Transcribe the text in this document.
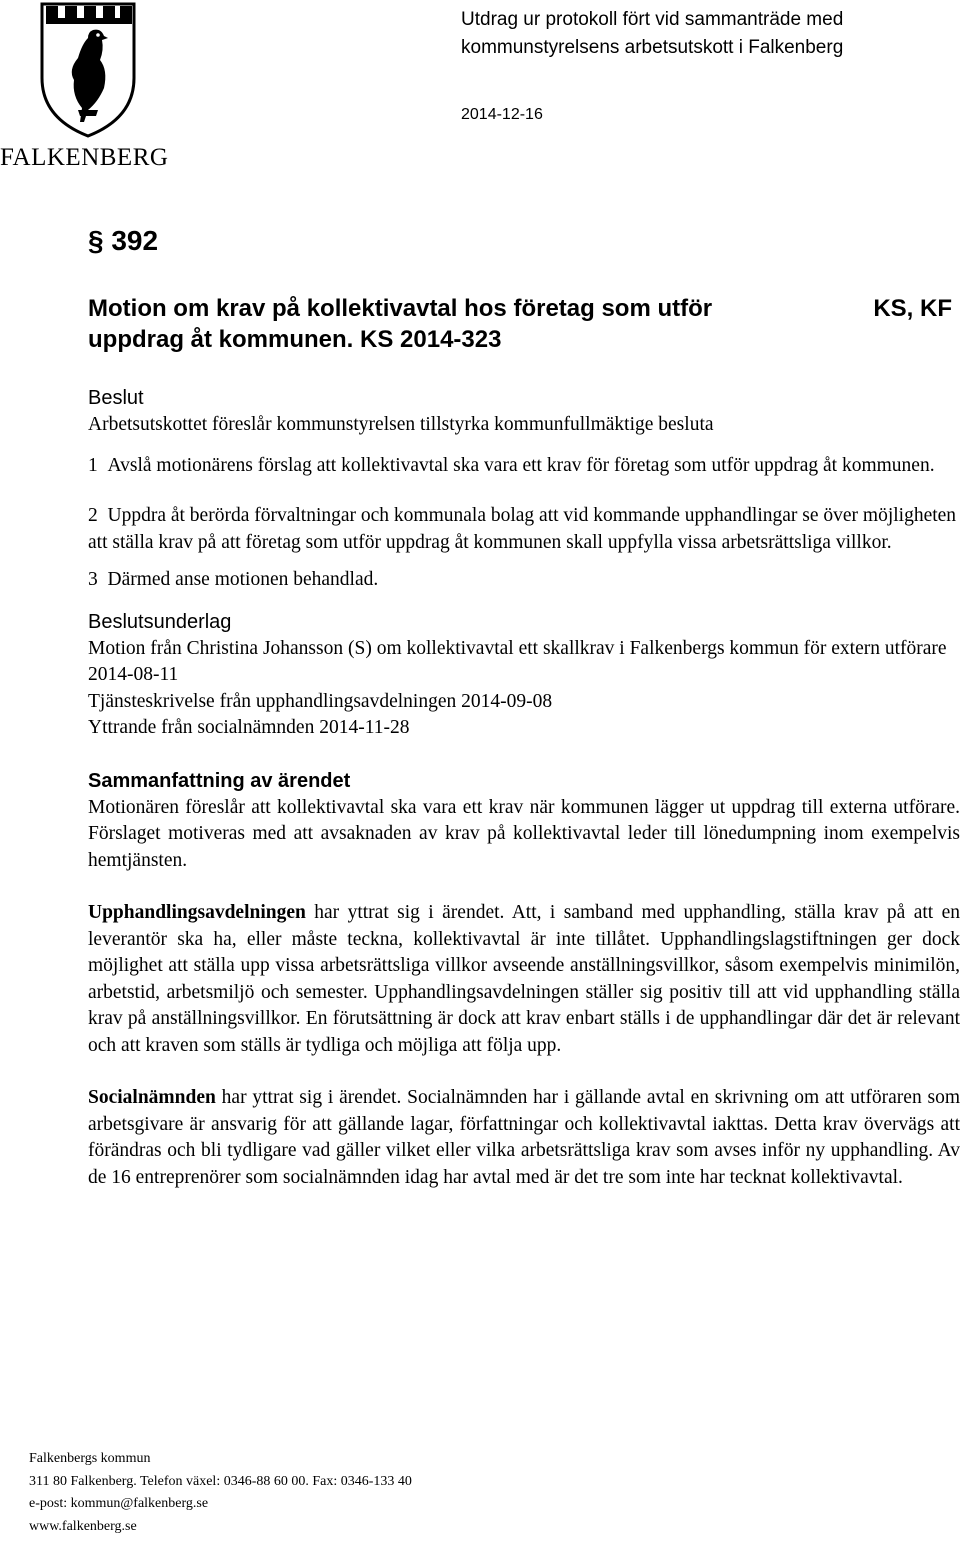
FALKENBERG
Utdrag ur protokoll fört vid sammanträde med
kommunstyrelsens arbetsutskott i Falkenberg
2014-12-16
§ 392
Motion om krav på kollektivavtal hos företag som utför
uppdrag åt kommunen. KS 2014-323
KS, KF
Beslut
Arbetsutskottet föreslår kommunstyrelsen tillstyrka kommunfullmäktige besluta
1 Avslå motionärens förslag att kollektivavtal ska vara ett krav för företag som utför uppdrag åt kommunen.
2 Uppdra åt berörda förvaltningar och kommunala bolag att vid kommande upphandlingar se över möjligheten att ställa krav på att företag som utför uppdrag åt kommunen skall uppfylla vissa arbetsrättsliga villkor.
3 Därmed anse motionen behandlad.
Beslutsunderlag
Motion från Christina Johansson (S) om kollektivavtal ett skallkrav i Falkenbergs kommun för extern utförare 2014-08-11
Tjänsteskrivelse från upphandlingsavdelningen 2014-09-08
Yttrande från socialnämnden 2014-11-28
Sammanfattning av ärendet
Motionären föreslår att kollektivavtal ska vara ett krav när kommunen lägger ut uppdrag till externa utförare. Förslaget motiveras med att avsaknaden av krav på kollektivavtal leder till lönedumpning inom exempelvis hemtjänsten.
Upphandlingsavdelningen har yttrat sig i ärendet. Att, i samband med upphandling, ställa krav på att en leverantör ska ha, eller måste teckna, kollektivavtal är inte tillåtet. Upphandlingslagstiftningen ger dock möjlighet att ställa upp vissa arbetsrättsliga villkor avseende anställningsvillkor, såsom exempelvis minimilön, arbetstid, arbetsmiljö och semester. Upphandlingsavdelningen ställer sig positiv till att vid upphandling ställa krav på anställningsvillkor. En förutsättning är dock att krav enbart ställs i de upphandlingar där det är relevant och att kraven som ställs är tydliga och möjliga att följa upp.
Socialnämnden har yttrat sig i ärendet. Socialnämnden har i gällande avtal en skrivning om att utföraren som arbetsgivare är ansvarig för att gällande lagar, författningar och kollektivavtal iakttas. Detta krav övervägs att förändras och bli tydligare vad gäller vilket eller vilka arbetsrättsliga krav som avses inför ny upphandling. Av de 16 entreprenörer som socialnämnden idag har avtal med är det tre som inte har tecknat kollektivavtal.
Falkenbergs kommun
311 80 Falkenberg. Telefon växel: 0346-88 60 00. Fax: 0346-133 40
e-post: kommun@falkenberg.se
www.falkenberg.se
